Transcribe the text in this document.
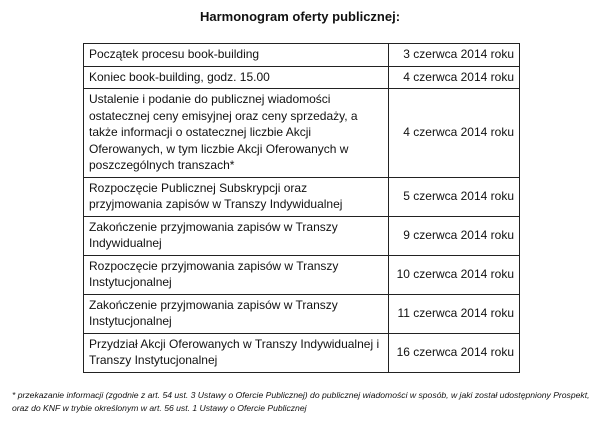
Harmonogram oferty publicznej:
Początek procesu book-building	3 czerwca 2014 roku
Koniec book-building, godz. 15.00	4 czerwca 2014 roku
Ustalenie i podanie do publicznej wiadomości ostatecznej ceny emisyjnej oraz ceny sprzedaży, a także informacji o ostatecznej liczbie Akcji Oferowanych, w tym liczbie Akcji Oferowanych w poszczególnych transzach*	4 czerwca 2014 roku
Rozpoczęcie Publicznej Subskrypcji oraz przyjmowania zapisów w Transzy Indywidualnej	5 czerwca 2014 roku
Zakończenie przyjmowania zapisów w Transzy Indywidualnej	9 czerwca 2014 roku
Rozpoczęcie przyjmowania zapisów w Transzy Instytucjonalnej	10 czerwca 2014 roku
Zakończenie przyjmowania zapisów w Transzy Instytucjonalnej	11 czerwca 2014 roku
Przydział Akcji Oferowanych w Transzy Indywidualnej i Transzy Instytucjonalnej	16 czerwca 2014 roku
* przekazanie informacji (zgodnie z art. 54 ust. 3 Ustawy o Ofercie Publicznej) do publicznej wiadomości w sposób, w jaki został udostępniony Prospekt, oraz do KNF w trybie określonym w art. 56 ust. 1 Ustawy o Ofercie Publicznej
